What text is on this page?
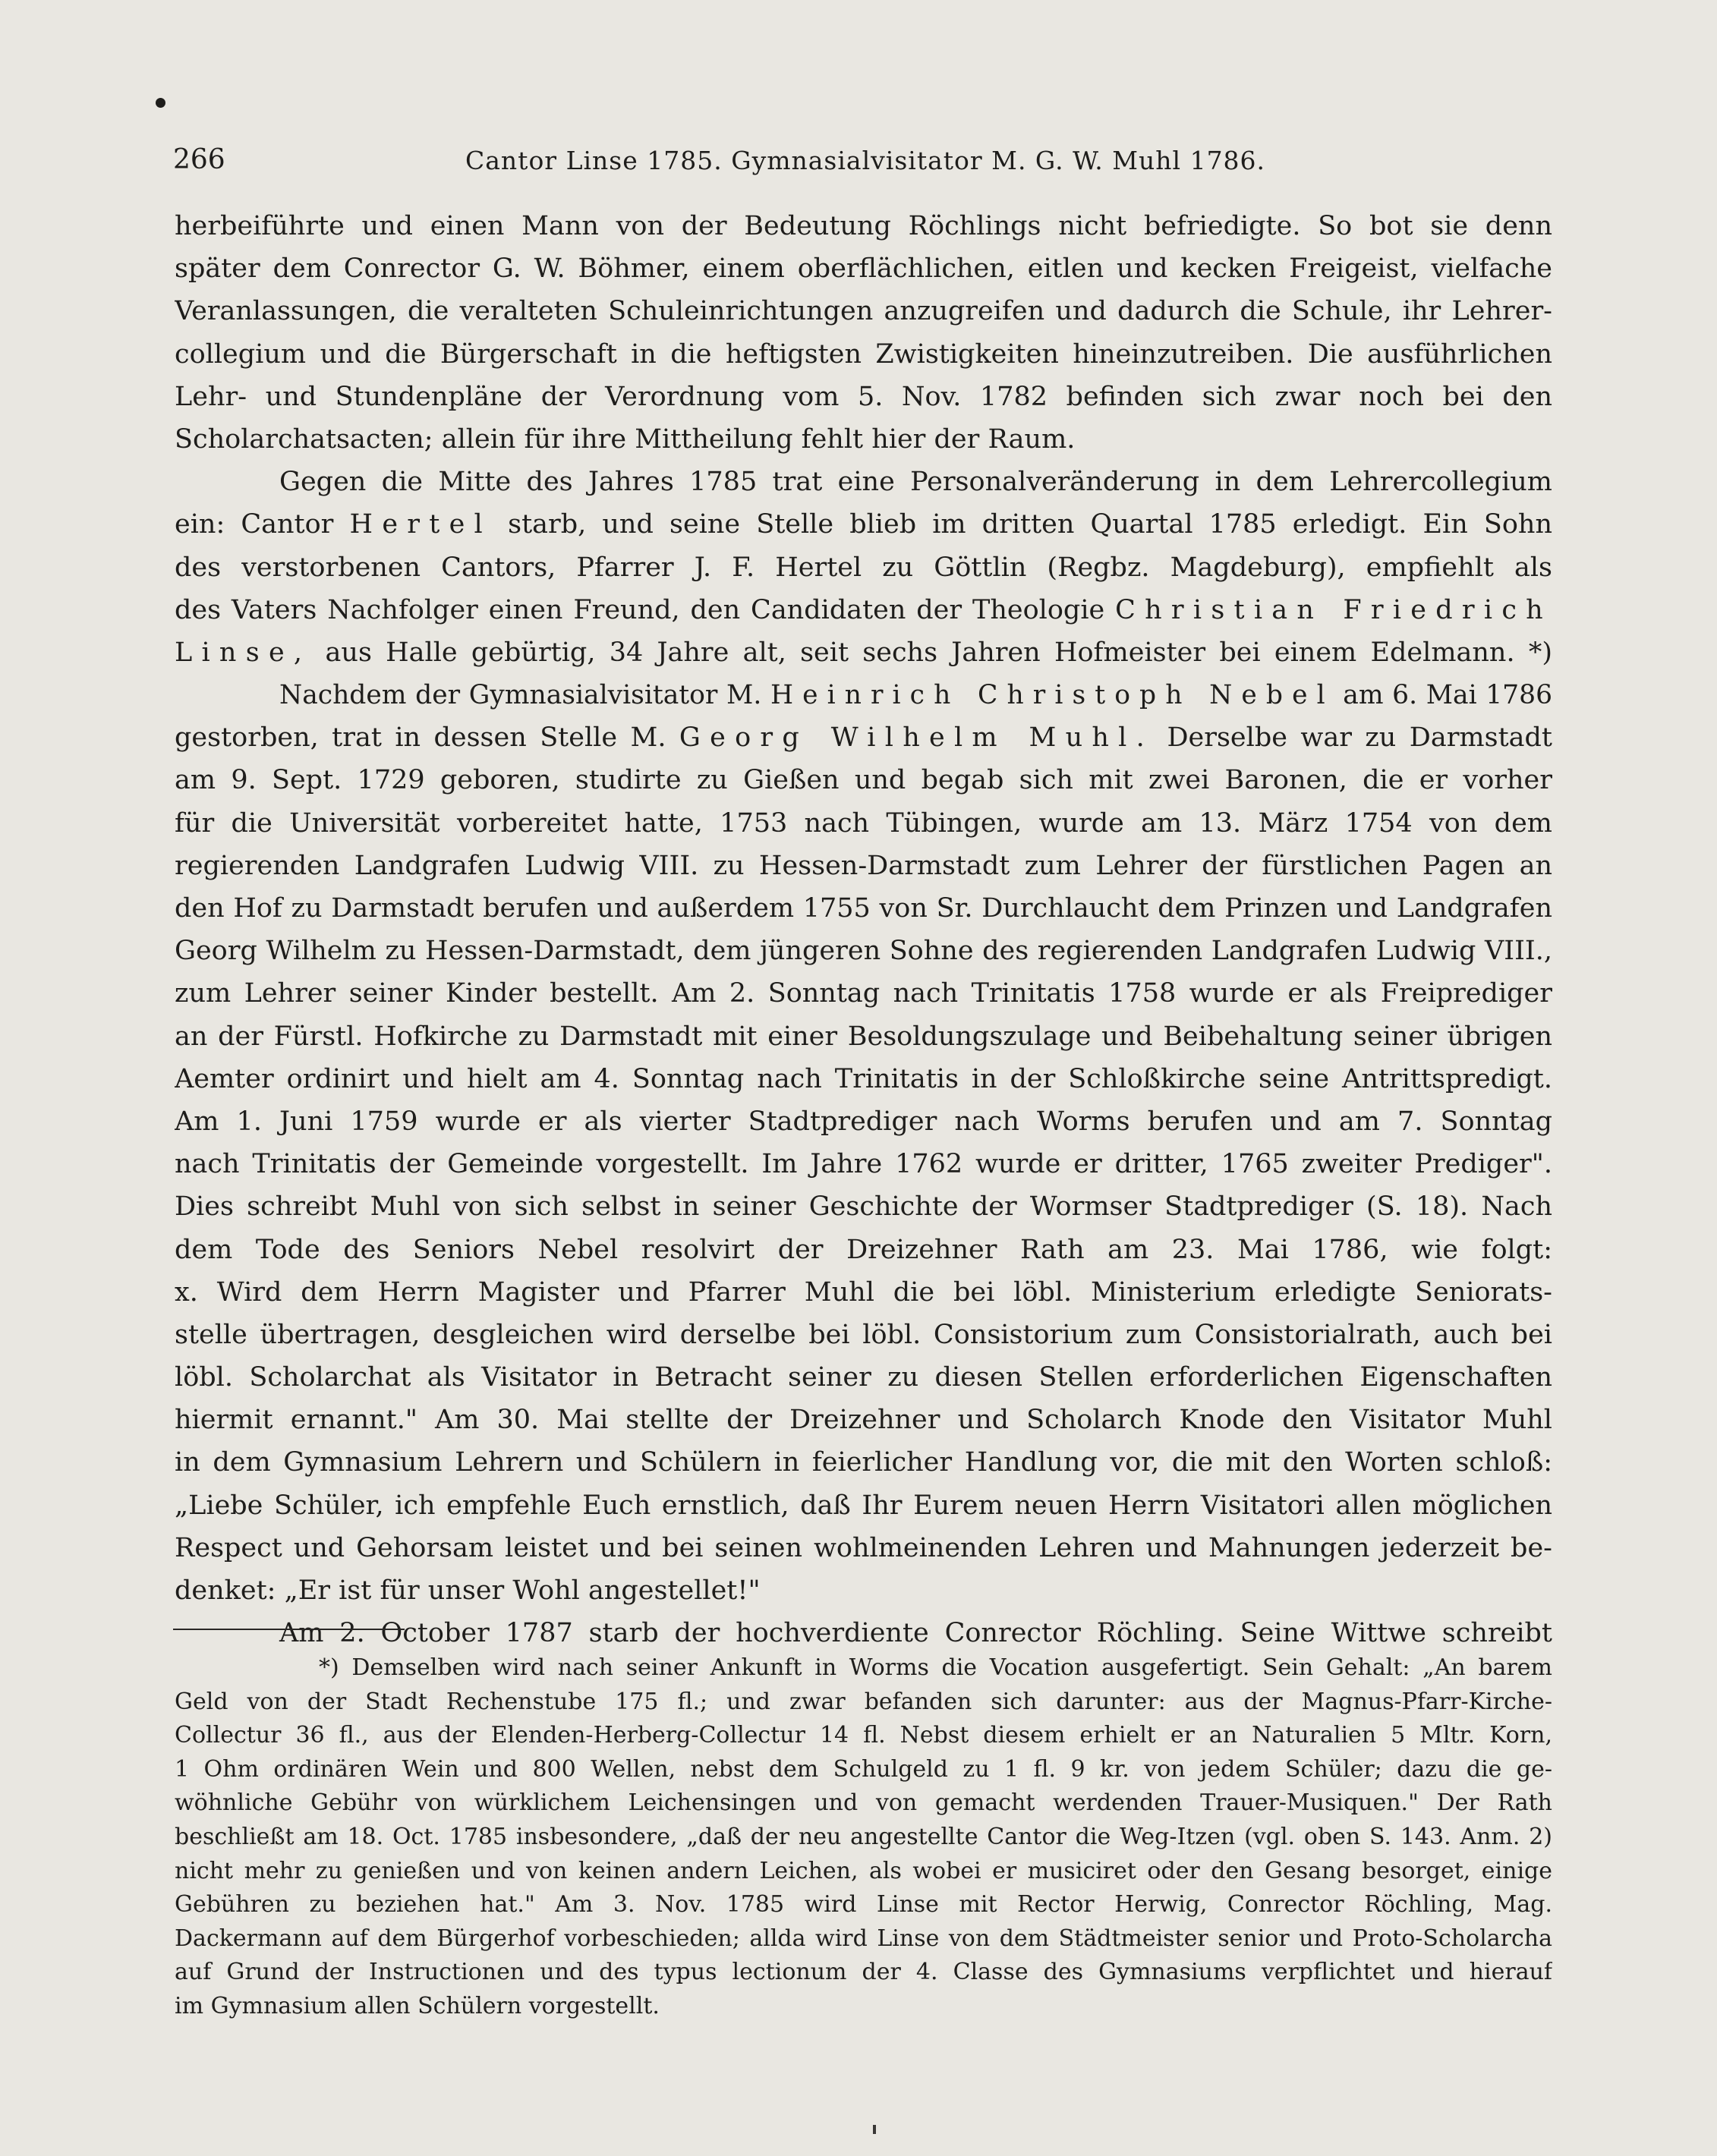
266	Cantor Linse 1785. Gymnasialvisitator M. G. W. Muhl 1786.
herbeiführte und einen Mann von der Bedeutung Röchlings nicht befriedigte. So bot sie denn
später dem Conrector G. W. Böhmer, einem oberflächlichen, eitlen und kecken Freigeist, vielfache
Veranlassungen, die veralteten Schuleinrichtungen anzugreifen und dadurch die Schule, ihr Lehrer-
collegium und die Bürgerschaft in die heftigsten Zwistigkeiten hineinzutreiben. Die ausführlichen
Lehr- und Stundenpläne der Verordnung vom 5. Nov. 1782 befinden sich zwar noch bei den
Scholarchatsacten; allein für ihre Mittheilung fehlt hier der Raum.
Gegen die Mitte des Jahres 1785 trat eine Personalveränderung in dem Lehrercollegium
ein: Cantor Hertel starb, und seine Stelle blieb im dritten Quartal 1785 erledigt. Ein Sohn
des verstorbenen Cantors, Pfarrer J. F. Hertel zu Göttlin (Regbz. Magdeburg), empfiehlt als
des Vaters Nachfolger einen Freund, den Candidaten der Theologie Christian Friedrich
Linse, aus Halle gebürtig, 34 Jahre alt, seit sechs Jahren Hofmeister bei einem Edelmann. *)
Nachdem der Gymnasialvisitator M. Heinrich Christoph Nebel am 6. Mai 1786
gestorben, trat in dessen Stelle M. Georg Wilhelm Muhl. Derselbe war zu Darmstadt
am 9. Sept. 1729 geboren, studirte zu Gießen und begab sich mit zwei Baronen, die er vorher
für die Universität vorbereitet hatte, 1753 nach Tübingen, wurde am 13. März 1754 von dem
regierenden Landgrafen Ludwig VIII. zu Hessen-Darmstadt zum Lehrer der fürstlichen Pagen an
den Hof zu Darmstadt berufen und außerdem 1755 von Sr. Durchlaucht dem Prinzen und Landgrafen
Georg Wilhelm zu Hessen-Darmstadt, dem jüngeren Sohne des regierenden Landgrafen Ludwig VIII.,
zum Lehrer seiner Kinder bestellt. Am 2. Sonntag nach Trinitatis 1758 wurde er als Freiprediger
an der Fürstl. Hofkirche zu Darmstadt mit einer Besoldungszulage und Beibehaltung seiner übrigen
Aemter ordinirt und hielt am 4. Sonntag nach Trinitatis in der Schloßkirche seine Antrittspredigt.
Am 1. Juni 1759 wurde er als vierter Stadtprediger nach Worms berufen und am 7. Sonntag
nach Trinitatis der Gemeinde vorgestellt. Im Jahre 1762 wurde er dritter, 1765 zweiter Prediger".
Dies schreibt Muhl von sich selbst in seiner Geschichte der Wormser Stadtprediger (S. 18). Nach
dem Tode des Seniors Nebel resolvirt der Dreizehner Rath am 23. Mai 1786, wie folgt:
x. Wird dem Herrn Magister und Pfarrer Muhl die bei löbl. Ministerium erledigte Seniorats-
stelle übertragen, desgleichen wird derselbe bei löbl. Consistorium zum Consistorialrath, auch bei
löbl. Scholarchat als Visitator in Betracht seiner zu diesen Stellen erforderlichen Eigenschaften
hiermit ernannt." Am 30. Mai stellte der Dreizehner und Scholarch Knode den Visitator Muhl
in dem Gymnasium Lehrern und Schülern in feierlicher Handlung vor, die mit den Worten schloß:
„Liebe Schüler, ich empfehle Euch ernstlich, daß Ihr Eurem neuen Herrn Visitatori allen möglichen
Respect und Gehorsam leistet und bei seinen wohlmeinenden Lehren und Mahnungen jederzeit be-
denket: „Er ist für unser Wohl angestellet!"
Am 2. October 1787 starb der hochverdiente Conrector Röchling. Seine Wittwe schreibt
*) Demselben wird nach seiner Ankunft in Worms die Vocation ausgefertigt. Sein Gehalt: „An barem
Geld von der Stadt Rechenstube 175 fl.; und zwar befanden sich darunter: aus der Magnus-Pfarr-Kirche-
Collectur 36 fl., aus der Elenden-Herberg-Collectur 14 fl. Nebst diesem erhielt er an Naturalien 5 Mltr. Korn,
1 Ohm ordinären Wein und 800 Wellen, nebst dem Schulgeld zu 1 fl. 9 kr. von jedem Schüler; dazu die ge-
wöhnliche Gebühr von würklichem Leichensingen und von gemacht werdenden Trauer-Musiquen." Der Rath
beschließt am 18. Oct. 1785 insbesondere, „daß der neu angestellte Cantor die Weg-Itzen (vgl. oben S. 143. Anm. 2)
nicht mehr zu genießen und von keinen andern Leichen, als wobei er musiciret oder den Gesang besorget, einige
Gebühren zu beziehen hat." Am 3. Nov. 1785 wird Linse mit Rector Herwig, Conrector Röchling, Mag.
Dackermann auf dem Bürgerhof vorbeschieden; allda wird Linse von dem Städtmeister senior und Proto-Scholarcha
auf Grund der Instructionen und des typus lectionum der 4. Classe des Gymnasiums verpflichtet und hierauf
im Gymnasium allen Schülern vorgestellt.
